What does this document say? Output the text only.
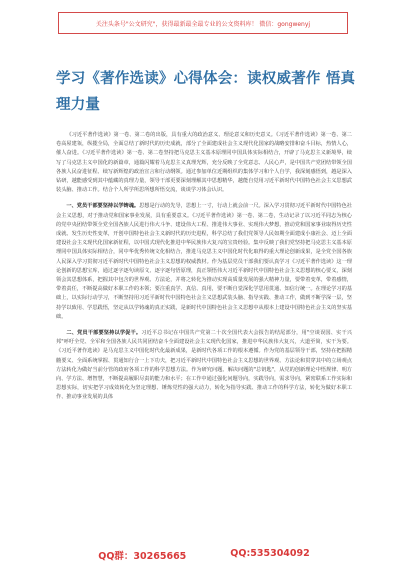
关注头条号"公文研究"，获得最新最全最专业的公文资料库！ 微信：gongwenyj
学习《著作选读》心得体会：读权威著作 悟真理力量

《习近平著作选读》第一卷、第二卷的出版，具有重大的政治意义、理论意义和历史意义。《习近平著作选读》第一卷、第二卷高屋建瓴，纵揽全局，全面总结了新时代的历史成就，部分了全面建成社会主义现代化国家的战略安排和奋斗目标，热情人心，催人奋进。《习近平著作选读》第一卷、第二卷坚持把马克思主义基本原理同中国具体实际相结合，开辟了马克思主义新境界，续写了马克思主义中国化的新篇章，通篇闪耀着马克思主义真理光辉，充分反映了全党意志、人民心声，是中国共产党团结带领全国各族人民奋进征程、续写新辉煌的政治宣言和行动纲领。通过参加单位近期组织的集体学习和个人自学，我深刻感悟到，越是深入钻研，越能感受到其中蕴藏的真理力量，领导干部更要深刻理解其中思想精华，越能自觉用习近平新时代中国特色社会主义思想武装头脑、推动工作。结合个人所学所思所想所悟交流，谈谈学习体会认识。

一、党员干部要坚持以学铸魂。思想是行动的先导，思想上一寸，行动上就会前一尺。深入学习贯彻习近平新时代中国特色社会主义思想，对于推动党和国家事业发展，具有重要意义。《习近平著作选读》第一卷、第二卷，生动记录了以习近平同志为核心的党中央团结带领全党全国各族人民进行伟大斗争、建设伟大工程、推进伟大事业、实现伟大梦想，推动党和国家事业取得历史性成就、发生历史性变革，开创中国特色社会主义新时代的历史进程，科学总结了我们党领导人民如期全面建成小康社会、迈上全面建设社会主义现代化国家新征程，以中国式现代化推进中华民族伟大复兴的宝贵经验。集中反映了我们党坚持把马克思主义基本原理同中国具体实际相结合，同中华优秀传统文化相结合，推进马克思主义中国化时代化取得的重大理论创新成果，是全党全国各族人民深入学习贯彻习近平新时代中国特色社会主义思想的权威教材。作为基层党员干部我们要认真学习《习近平著作选读》这一理论创新的思想宝库，通过逐字逐句读原文、逐字逐句悟原理，真正领悟伟大习近平新时代中国特色社会主义思想的核心要义，深刻领会其思想体系，把握其中包含的世界观、方法论，并将之转化为推动实现高质量发展的强大精神力量，要带着变革，带着感情，带着责任，不断提高做好本职工作的本领；要注重真学、真信、真用，要不断自觉深化学思用贯通、知信行统一。在理论学习的基础上，以实际行动学习，不断坚持用习近平新时代中国特色社会主义思想武装头脑、指导实践、推动工作，做到不断学深一层，坚持学以致用、学思践悟，坚定从以学铸魂的真正实践，是新时代中国特色社会主义思想中从根本上建设中国特色社会主义的坚实基础。

二、党员干部要坚持以学促干。习近平总书记在中国共产党第二十次全国代表大会报告的结尾部分，用"空谈误国、实干兴邦"呼吁全党、全军和全国各族人民共同团结奋斗全面建设社会主义现代化国家，推进中华民族伟大复兴，大道至简，实干为要。《习近平著作选读》是马克思主义中国化时代化最新成果，是新时代各项工作的根本遵循。作为党的基层领导干部，坚持在把握精髓要义、全面系统掌握、贯通知行合一上下功夫，把习近平新时代中国特色社会主义思想的世界观、方法论和贯穿其中的立场观点方法转化为做好当前分管的政府各项工作的科学思想方法。作为研究问题、解决问题的"总钥匙"，从党的创新理论中悟规律、明方向、学方法、增智慧，不断提高履职尽责的能力和水平；在工作中通过强化问题导向，实践导向，需求导向，紧密联系工作实际和思想实际，切实把学习成效转化为坚定理想、锤炼党性的强大动力，转化为指导实践、推动工作的科学方法，转化为做好本职工作、推动事业发展的具体

QQ群：30265665	QQ:535304092
